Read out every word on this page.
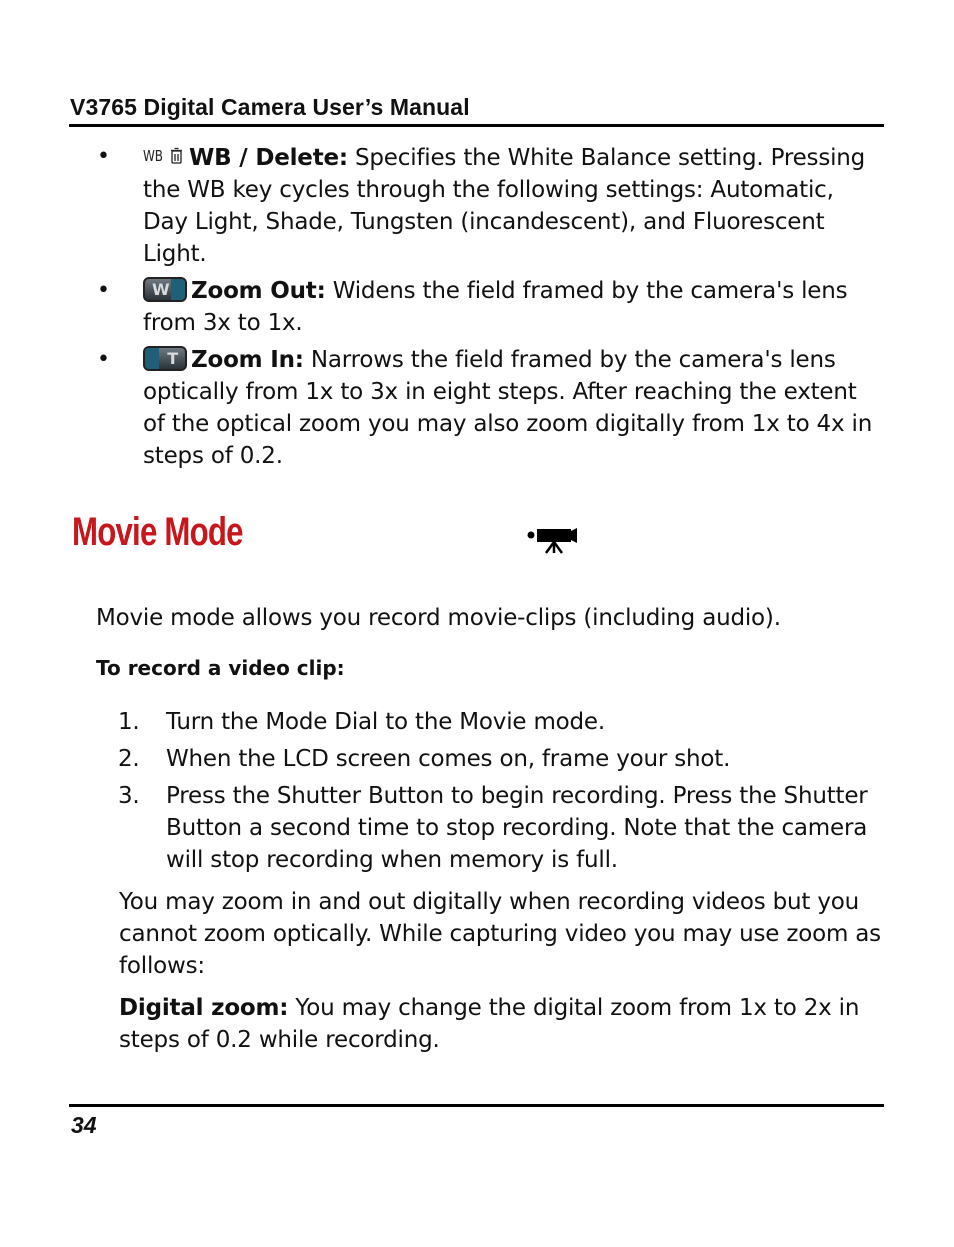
V3765 Digital Camera User’s Manual
• WB WB / Delete: Specifies the White Balance setting. Pressing the WB key cycles through the following settings: Automatic, Day Light, Shade, Tungsten (incandescent), and Fluorescent Light.
•	W Zoom Out: Widens the field framed by the camera's lens from 3x to 1x.
•	T Zoom In: Narrows the field framed by the camera's lens optically from 1x to 3x in eight steps. After reaching the extent of the optical zoom you may also zoom digitally from 1x to 4x in steps of 0.2.
Movie Mode

Movie mode allows you record movie-clips (including audio).

To record a video clip:
1. Turn the Mode Dial to the Movie mode.
2. When the LCD screen comes on, frame your shot.
3. Press the Shutter Button to begin recording. Press the Shutter Button a second time to stop recording. Note that the camera will stop recording when memory is full.

You may zoom in and out digitally when recording videos but you cannot zoom optically. While capturing video you may use zoom as follows:

Digital zoom: You may change the digital zoom from 1x to 2x in steps of 0.2 while recording.

34
